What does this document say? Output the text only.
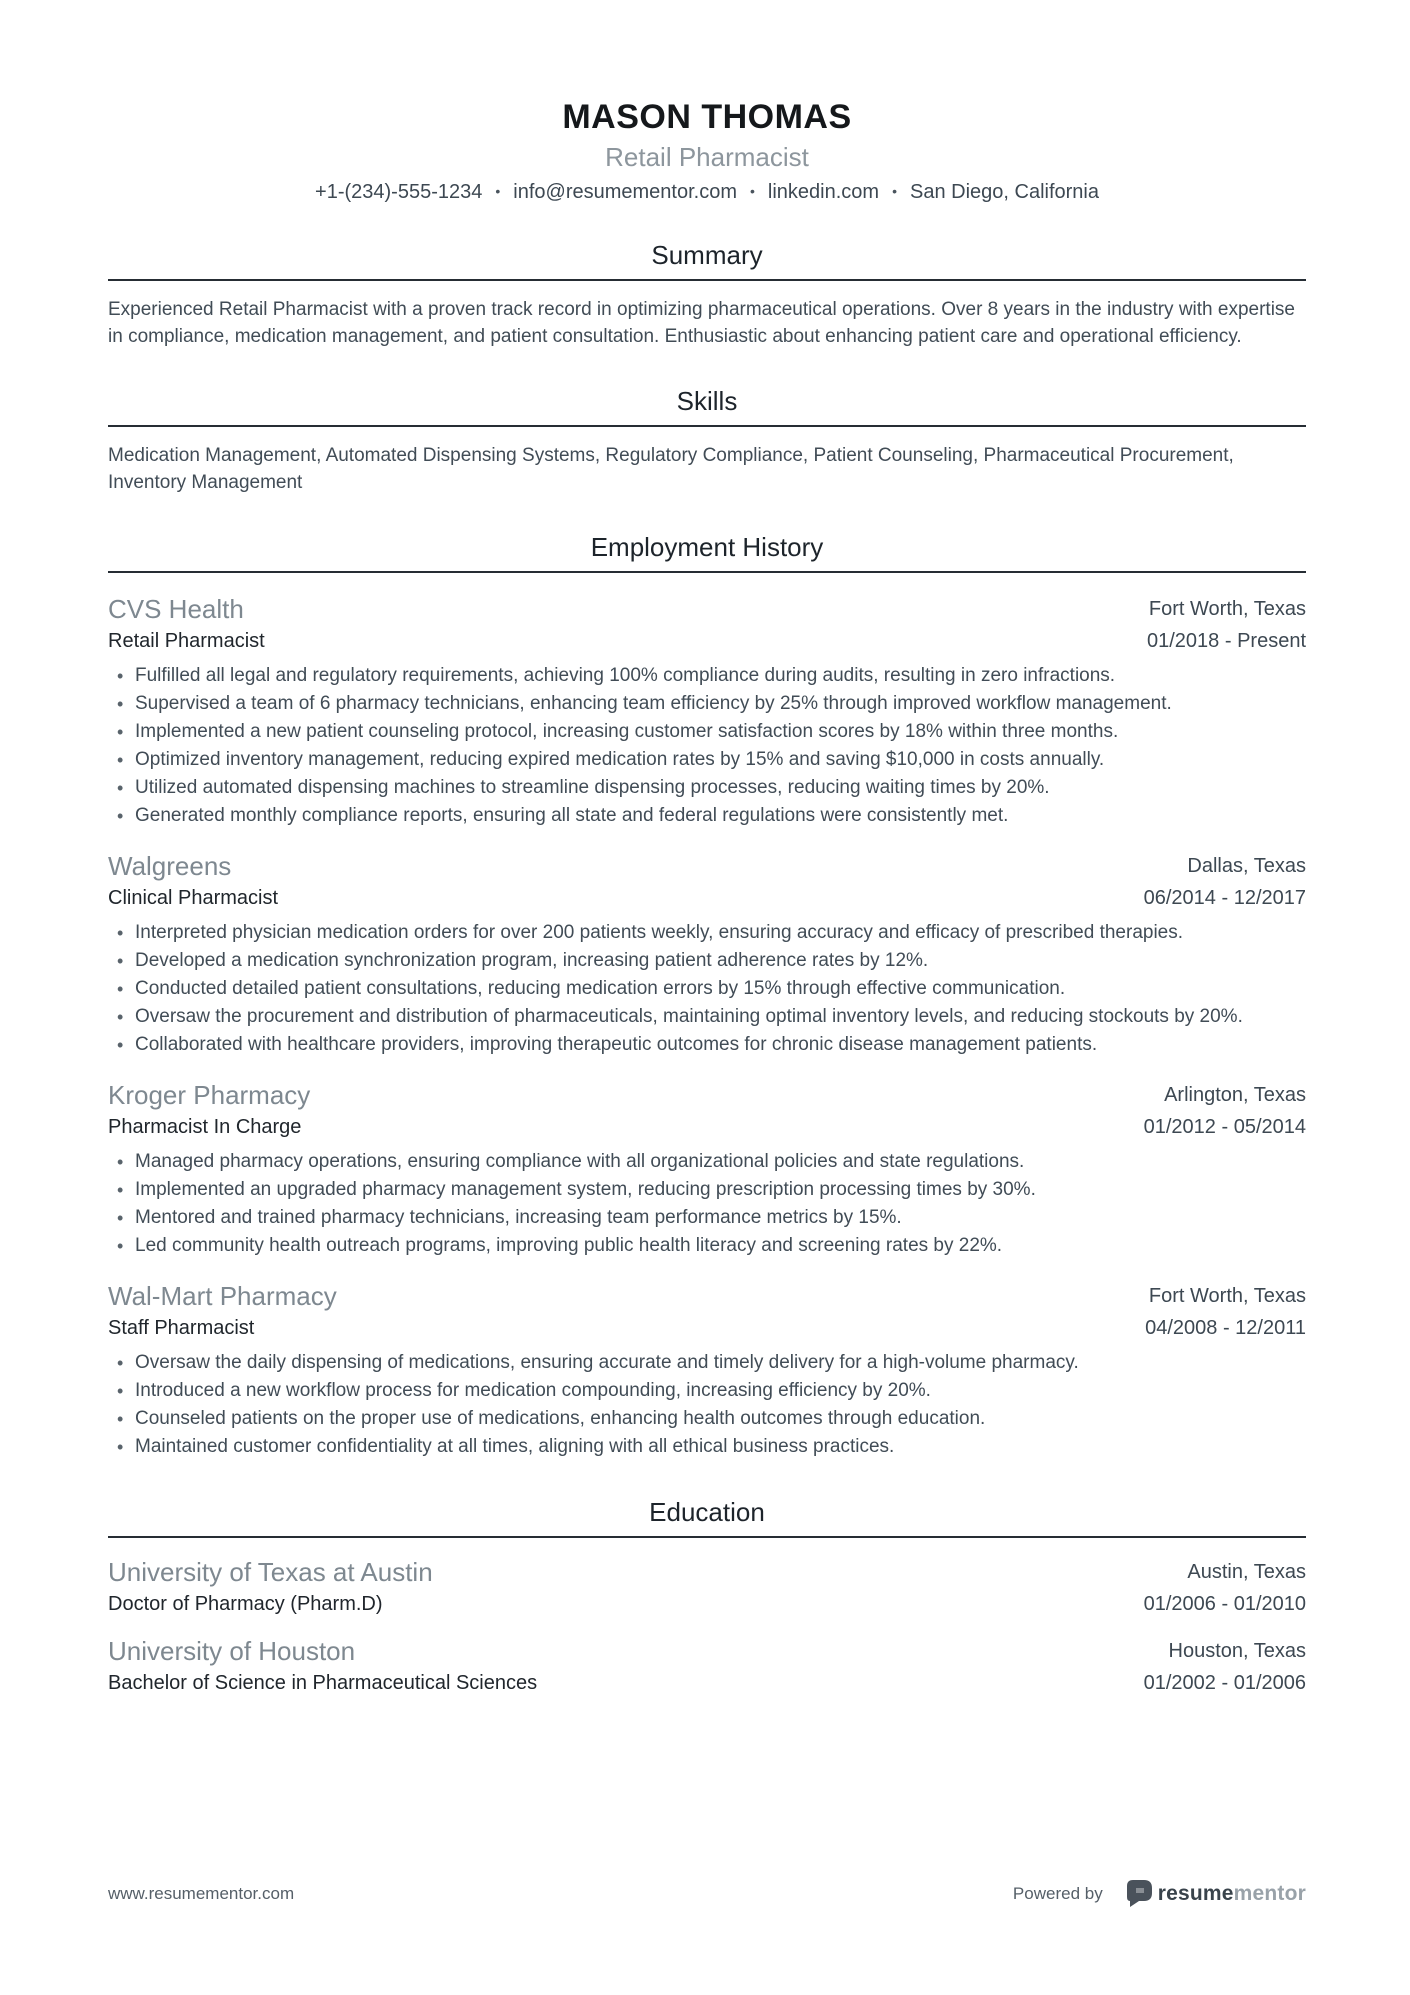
MASON THOMAS
Retail Pharmacist
+1-(234)-555-1234 • info@resumementor.com • linkedin.com • San Diego, California
Summary
Experienced Retail Pharmacist with a proven track record in optimizing pharmaceutical operations. Over 8 years in the industry with expertise in compliance, medication management, and patient consultation. Enthusiastic about enhancing patient care and operational efficiency.
Skills
Medication Management, Automated Dispensing Systems, Regulatory Compliance, Patient Counseling, Pharmaceutical Procurement, Inventory Management
Employment History
CVS Health
Retail Pharmacist
Fort Worth, Texas
01/2018 - Present
• Fulfilled all legal and regulatory requirements, achieving 100% compliance during audits, resulting in zero infractions.
• Supervised a team of 6 pharmacy technicians, enhancing team efficiency by 25% through improved workflow management.
• Implemented a new patient counseling protocol, increasing customer satisfaction scores by 18% within three months.
• Optimized inventory management, reducing expired medication rates by 15% and saving $10,000 in costs annually.
• Utilized automated dispensing machines to streamline dispensing processes, reducing waiting times by 20%.
• Generated monthly compliance reports, ensuring all state and federal regulations were consistently met.
Walgreens
Clinical Pharmacist
Dallas, Texas
06/2014 - 12/2017
• Interpreted physician medication orders for over 200 patients weekly, ensuring accuracy and efficacy of prescribed therapies.
• Developed a medication synchronization program, increasing patient adherence rates by 12%.
• Conducted detailed patient consultations, reducing medication errors by 15% through effective communication.
• Oversaw the procurement and distribution of pharmaceuticals, maintaining optimal inventory levels, and reducing stockouts by 20%.
• Collaborated with healthcare providers, improving therapeutic outcomes for chronic disease management patients.
Kroger Pharmacy
Pharmacist In Charge
Arlington, Texas
01/2012 - 05/2014
• Managed pharmacy operations, ensuring compliance with all organizational policies and state regulations.
• Implemented an upgraded pharmacy management system, reducing prescription processing times by 30%.
• Mentored and trained pharmacy technicians, increasing team performance metrics by 15%.
• Led community health outreach programs, improving public health literacy and screening rates by 22%.
Wal-Mart Pharmacy
Staff Pharmacist
Fort Worth, Texas
04/2008 - 12/2011
• Oversaw the daily dispensing of medications, ensuring accurate and timely delivery for a high-volume pharmacy.
• Introduced a new workflow process for medication compounding, increasing efficiency by 20%.
• Counseled patients on the proper use of medications, enhancing health outcomes through education.
• Maintained customer confidentiality at all times, aligning with all ethical business practices.
Education
University of Texas at Austin
Doctor of Pharmacy (Pharm.D)
Austin, Texas
01/2006 - 01/2010
University of Houston
Bachelor of Science in Pharmaceutical Sciences
Houston, Texas
01/2002 - 01/2006
www.resumementor.com	Powered by	resumementor
